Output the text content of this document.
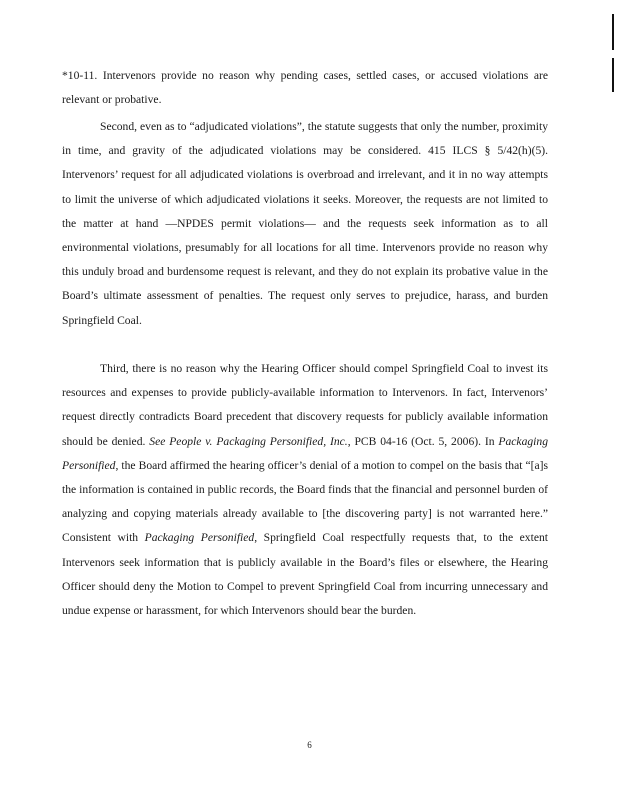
*10-11. Intervenors provide no reason why pending cases, settled cases, or accused violations are relevant or probative.

Second, even as to “adjudicated violations”, the statute suggests that only the number, proximity in time, and gravity of the adjudicated violations may be considered. 415 ILCS § 5/42(h)(5). Intervenors’ request for all adjudicated violations is overbroad and irrelevant, and it in no way attempts to limit the universe of which adjudicated violations it seeks. Moreover, the requests are not limited to the matter at hand —NPDES permit violations— and the requests seek information as to all environmental violations, presumably for all locations for all time. Intervenors provide no reason why this unduly broad and burdensome request is relevant, and they do not explain its probative value in the Board’s ultimate assessment of penalties. The request only serves to prejudice, harass, and burden Springfield Coal.

Third, there is no reason why the Hearing Officer should compel Springfield Coal to invest its resources and expenses to provide publicly-available information to Intervenors. In fact, Intervenors’ request directly contradicts Board precedent that discovery requests for publicly available information should be denied. See People v. Packaging Personified, Inc., PCB 04-16 (Oct. 5, 2006). In Packaging Personified, the Board affirmed the hearing officer’s denial of a motion to compel on the basis that “[a]s the information is contained in public records, the Board finds that the financial and personnel burden of analyzing and copying materials already available to [the discovering party] is not warranted here.” Consistent with Packaging Personified, Springfield Coal respectfully requests that, to the extent Intervenors seek information that is publicly available in the Board’s files or elsewhere, the Hearing Officer should deny the Motion to Compel to prevent Springfield Coal from incurring unnecessary and undue expense or harassment, for which Intervenors should bear the burden.

6
